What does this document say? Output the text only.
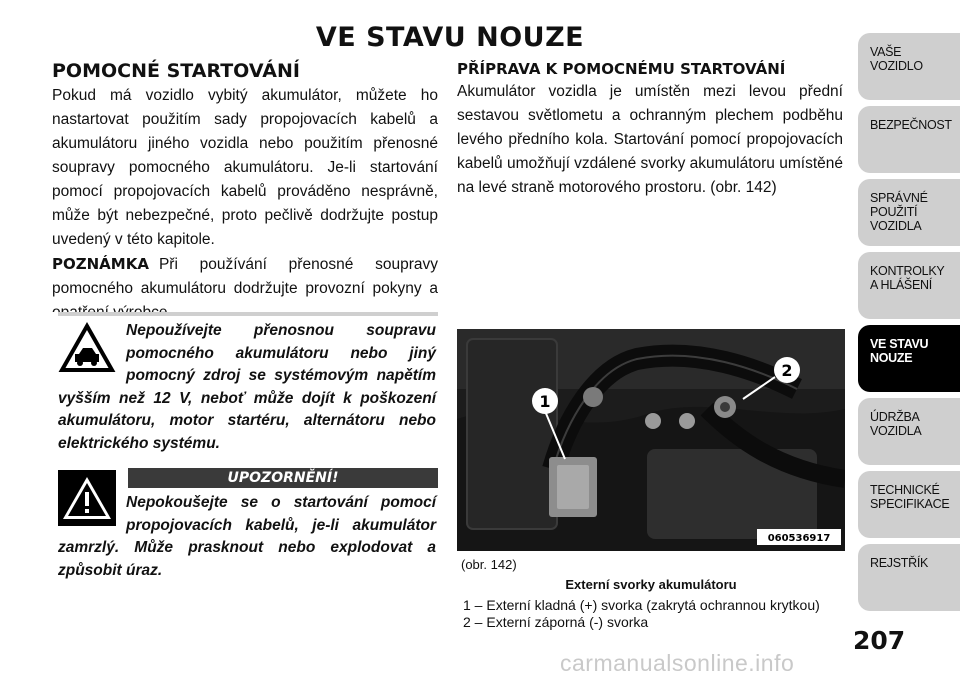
VE STAVU NOUZE
POMOCNÉ STARTOVÁNÍ

Pokud má vozidlo vybitý akumulátor, můžete ho nastartovat použitím sady propojovacích kabelů a akumulátoru jiného vozidla nebo použitím přenosné soupravy pomocného akumulátoru. Je-li startování pomocí propojovacích kabelů prováděno nesprávně, může být nebezpečné, proto pečlivě dodržujte postup uvedený v této kapitole.

POZNÁMKA Při používání přenosné soupravy pomocného akumulátoru dodržujte provozní pokyny a

Nepoužívejte přenosnou soupravu pomocného akumulátoru nebo jiný pomocný zdroj se systémovým napětím vyšším než 12 V, neboť může dojít k poškození akumulátoru, motor startéru, alternátoru nebo elektrického systému.
UPOZORNĚNÍ!
Nepokoušejte se o startování pomocí propojovacích kabelů, je-li akumulátor zamrzlý. Může prasknout nebo explodovat a způsobit úraz.
PŘÍPRAVA K POMOCNÉMU STARTOVÁNÍ

Akumulátor vozidla je umístěn mezi levou přední sestavou světlometu a ochranným plechem podběhu levého předního kola. Startování pomocí propojovacích kabelů umožňují vzdálené svorky akumulátoru umístěné na levé straně motorového prostoru. (obr. 142)

1
2
060536917
(obr. 142)
Externí svorky akumulátoru
1 – Externí kladná (+) svorka (zakrytá ochrannou krytkou)
2 – Externí záporná (-) svorka
VAŠE
VOZIDLO
BEZPEČNOST
SPRÁVNÉ
POUŽITÍ
VOZIDLA
KONTROLKY
A HLÁŠENÍ
VE STAVU
NOUZE
ÚDRŽBA
VOZIDLA
TECHNICKÉ
SPECIFIKACE
REJSTŘÍK
207
carmanualsonline.info
